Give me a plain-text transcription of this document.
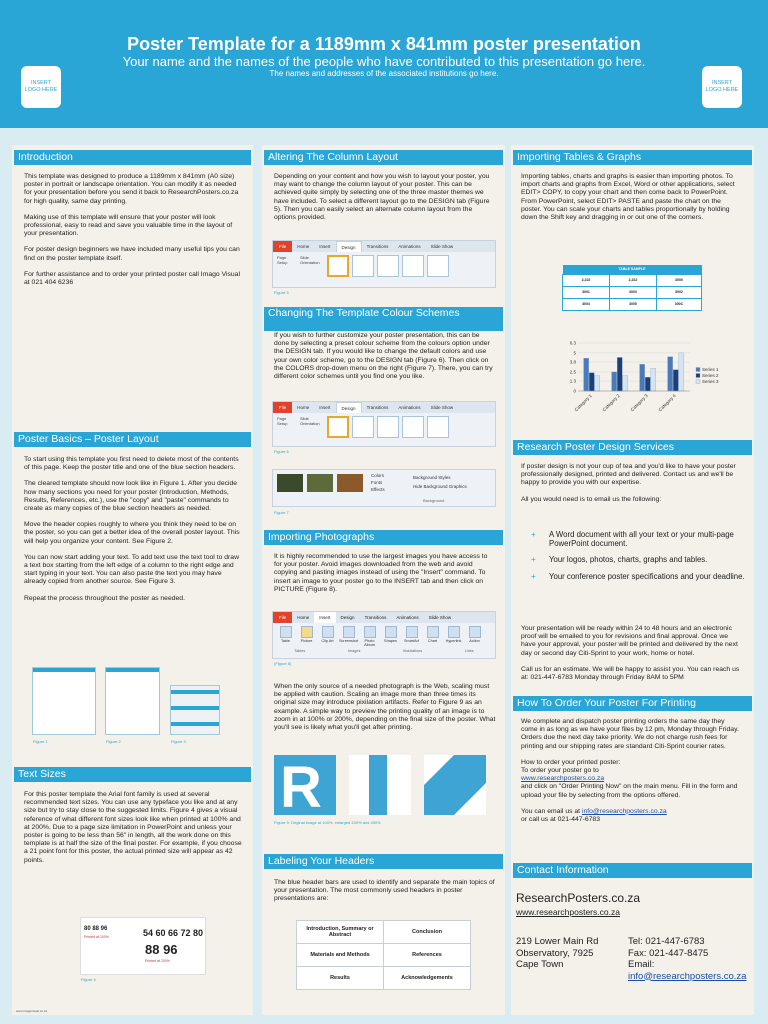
Poster Template for a 1189mm x 841mm poster presentation
Your name and the names of the people who have contributed to this presentation go here.
The names and addresses of the associated institutions go here.
INSERT LOGO HERE
INSERT LOGO HERE
Introduction

This template was designed to produce a 1189mm x 841mm (A0 size) poster in portrait or landscape orientation. You can modify it as needed for your presentation before you send it back to ResearchPosters.co.za for high quality, same day printing.

Making use of this template will ensure that your poster will look professional, easy to read and save you valuable time in the layout of your presentation.

For poster design beginners we have included many useful tips you can find on the poster template itself.

For further assistance and to order your printed poster call Imago Visual at 021 404 6236

Poster Basics – Poster Layout

To start using this template you first need to delete most of the contents of this page. Keep the poster title and one of the blue section headers.

The cleared template should now look like in Figure 1. After you decide how many sections you need for your poster (Introduction, Methods, Results, References, etc.), use the "copy" and "paste" commands to create as many copies of the blue section headers as needed.

Move the header copies roughly to where you think they need to be on the poster, so you can get a better idea of the overall poster layout. This will help you organize your content. See Figure 2.

You can now start adding your text. To add text use the text tool to draw a text box starting from the left edge of a column to the right edge and start typing in your text. You can also paste the text you may have already copied from another source. See Figure 3.

Repeat the process throughout the poster as needed.

Figure 1	Figure 2	Figure 3
Text Sizes

For this poster template the Arial font family is used at several recommended text sizes. You can use any typeface you like and at any size but try to stay close to the suggested limits. Figure 4 gives a visual reference of what different font sizes look like when printed at 100% and at 200%. Due to a page size limitation in PowerPoint and unless your poster is going to be less than 56" in length, all the work done on this template is at half the size of the final poster. For example, if you choose a 21 point font for this poster, the actual printed size will appear as 42 points.

80 88 96
Printed at 100%	54 60 66 72 80
88 96
Printed at 200%
Figure 4
www.imagovisual.co.za
Altering The Column Layout

Depending on your content and how you wish to layout your poster, you may want to change the column layout of your poster. This can be achieved quite simply by selecting one of the three master themes we have included. To select a different layout go to the DESIGN tab (Figure 5). Then you can easily select an alternate column layout from the options provided.

File	Home	Insert	Design	Transitions	Animations	Slide Show
Page Setup
Slide Orientation
Figure 5
Changing The Template Colour Schemes

If you wish to further customize your poster presentation, this can be done by selecting a preset colour scheme from the colours option under the DESIGN tab. If you would like to change the default colors and use your own color scheme, go to the DESIGN tab (Figure 6). Then click on the COLORS drop-down menu on the right (Figure 7). There, you can try different color schemes until you find one you like.

File	Home	Insert	Design	Transitions	Animations	Slide Show
Page Setup
Slide Orientation
Figure 6
Colors
Fonts
Effects
Background Styles
Hide Background Graphics
Background
Figure 7
Importing Photographs

It is highly recommended to use the largest images you have access to for your poster. Avoid images downloaded from the web and avoid copying and pasting images instead of using the "Insert" command. To insert an image to your poster go to the INSERT tab and then click on PICTURE (Figure 8).

File	Home	Insert	Design	Transitions	Animations	Slide Show
Table	Picture	Clip Art	Screenshot	Photo Album
Shapes	SmartArt	Chart	Hyperlink	Action
Tables	Images	Illustrations	Links
(Figure 8)

When the only source of a needed photograph is the Web, scaling must be applied with caution. Scaling an image more than three times its original size may introduce pixilation artifacts. Refer to Figure 9 as an example. A simple way to preview the printing quality of an image is to zoom in at 100% or 200%, depending on the final size of the poster. What you'll see is likely what you'll get after printing.

R
Figure 9: Original image at 100%, enlarged 200% and 400%
Labeling Your Headers

The blue header bars are used to identify and separate the main topics of your presentation. The most commonly used headers in poster presentations are:

Introduction, Summary or Abstract	Conclusion
Materials and Methods	References
Results	Acknowledgements
Importing Tables & Graphs

Importing tables, charts and graphs is easier than importing photos. To import charts and graphs from Excel, Word or other applications, select EDIT> COPY, to copy your chart and then come back to PowerPoint. From PowerPoint, select EDIT> PASTE and paste the chart on the poster. You can scale your charts and tables proportionally by holding down the Shift key and dragging in or out one of the corners.

TABLE SAMPLE		
2,222	2,222	3000
3001	3003	3002
3004	3005	300C
0
1.3
2.5
3.8
5
6.3
Category 1 Category 2 Category 3 Category 4
Series 1
Series 2
Series 3
Research Poster Design Services

If poster design is not your cup of tea and you'd like to have your poster professionally designed, printed and delivered. Contact us and we'll be happy to provide you with our expertise.

All you would need is to email us the following:

+ A Word document with all your text or your multi-page PowerPoint document.
+ Your logos, photos, charts, graphs and tables.
+ Your conference poster specifications and your deadline.

Your presentation will be ready within 24 to 48 hours and an electronic proof will be emailed to you for revisions and final approval. Once we have your approval, your poster will be printed and delivered by the next day or second day Citi-Sprint to your work, home or hotel.

Call us for an estimate. We will be happy to assist you. You can reach us at: 021-447-6783 Monday through Friday 8AM to 5PM

How To Order Your Poster For Printing

We complete and dispatch poster printing orders the same day they come in as long as we have your files by 12 pm, Monday through Friday. Orders due the next day take priority. We do not charge rush fees for printing and our shipping rates are standard Citi-Sprint courier rates.

How to order your printed poster:

To order your poster go to
www.researchposters.co.za

and click on "Order Printing Now" on the main menu. Fill in the form and upload your file by selecting from the options offered.

You can email us at info@researchposters.co.za
or call us at 021-447-6783
Contact Information
ResearchPosters.co.za
www.researchposters.co.za
219 Lower Main Rd
Observatory, 7925
Cape Town
Tel: 021-447-6783
Fax: 021-447-8475
Email:
info@researchposters.co.za
